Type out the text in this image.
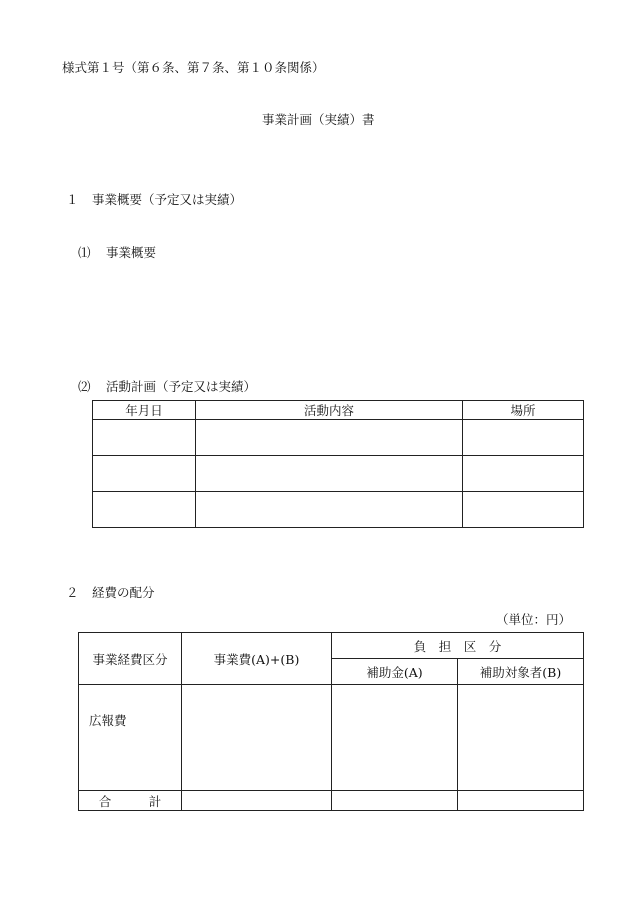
様式第１号（第６条、第７条、第１０条関係）
事業計画（実績）書
１ 事業概要（予定又は実績）
⑴ 事業概要
⑵ 活動計画（予定又は実績）
年月日	活動内容	場所

２ 経費の配分
（単位：円）
事業経費区分	事業費(A)+(B)	負　担　区　分	
		補助金(A)	補助対象者(B)
広報費			
合　　　計			
